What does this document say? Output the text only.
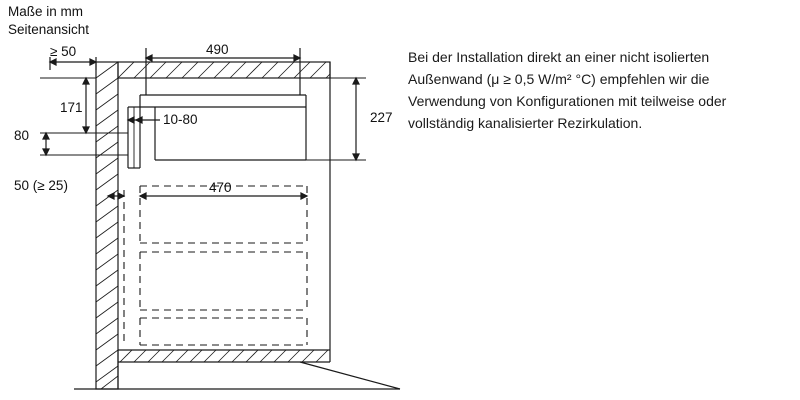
Maße in mm
Seitenansicht
≥ 50	490
171
10-80
80
227
50 (≥ 25)	470
Bei der Installation direkt an einer nicht isolierten Außenwand (μ ≥ 0,5 W/m² °C) empfehlen wir die Verwendung von Konfigurationen mit teilweise oder vollständig kanalisierter Rezirkulation.
